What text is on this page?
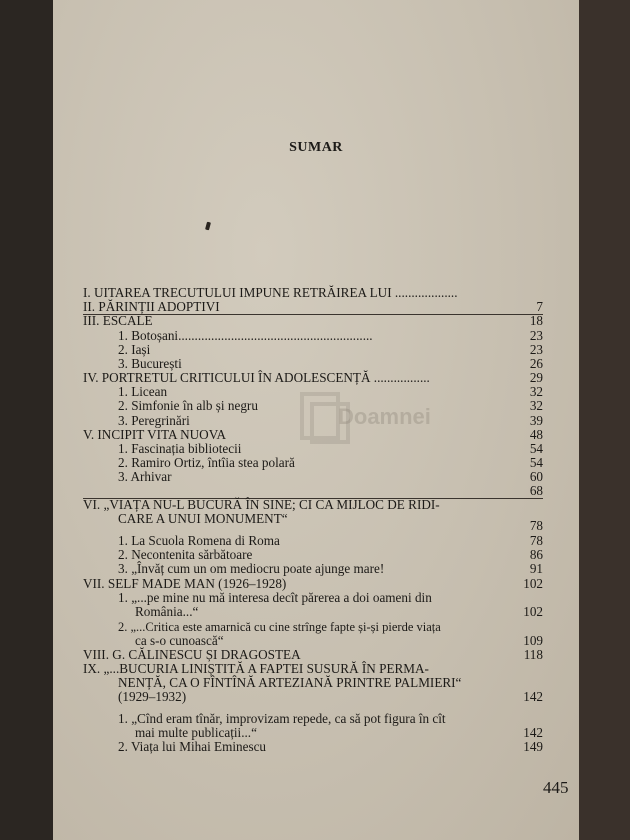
SUMAR
Doamnei
I. UITAREA TRECUTULUI IMPUNE RETRĂIREA LUI ...................
II. PĂRINȚII ADOPTIVI	7
III. ESCALE	18
1. Botoșani...........................................................	23
2. Iași	23
3. București	26
IV. PORTRETUL CRITICULUI ÎN ADOLESCENȚĂ .................	29
1. Licean	32
2. Simfonie în alb și negru	32
3. Peregrinări	39
V. INCIPIT VITA NUOVA	48
1. Fascinația bibliotecii	54
2. Ramiro Ortiz, întîia stea polară	54
3. Arhivar	60
68
VI. „VIAȚA NU-L BUCURĂ ÎN SINE; CI CA MIJLOC DE RIDI-
CARE A UNUI MONUMENT“	78
1. La Scuola Romena di Roma	78
2. Necontenita sărbătoare	86
3. „Învăț cum un om mediocru poate ajunge mare!	91
VII. SELF MADE MAN (1926–1928)	102
1. „...pe mine nu mă interesa decît părerea a doi oameni din
România...“	102
2. „...Critica este amarnică cu cine strînge fapte și-și pierde viața
ca s-o cunoască“	109
VIII. G. CĂLINESCU ȘI DRAGOSTEA	118
IX. „...BUCURIA LINIȘTITĂ A FAPTEI SUSURĂ ÎN PERMA-
NENȚĂ, CA O FÎNTÎNĂ ARTEZIANĂ PRINTRE PALMIERI“
(1929–1932)	142
1. „Cînd eram tînăr, improvizam repede, ca să pot figura în cît
mai multe publicații...“	142
2. Viața lui Mihai Eminescu	149
445
